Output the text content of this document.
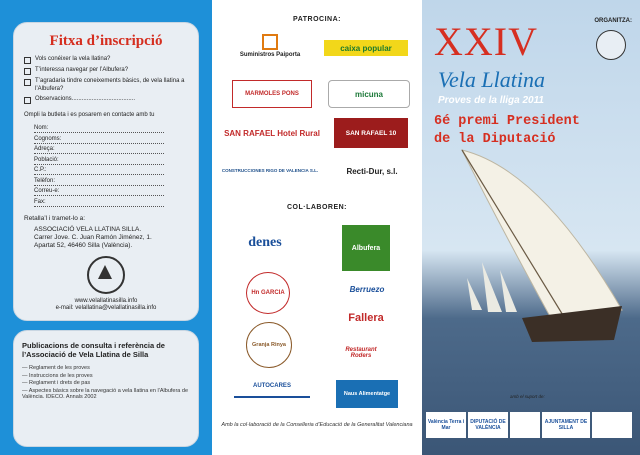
Fitxa d’inscripció
Vols conéixer la vela llatina?
T’interessa navegar per l’Albufera?
T’agradaria tindre coneixements bàsics, de vela llatina a l’Albufera?
Observacions......................................
Ompli la butleta i es posarem en contacte amb tu
Nom:
Cognoms:
Adreça:
Població:
C.P.:
Telèfon:
Correu-e:
Fax:
Retalla’l i tramet-lo a:
ASSOCIACIÓ VELA LLATINA SILLA.
Carrer Jove. C. Juan Ramón Jiménez, 1.
Apartat 52, 46460 Silla (València).
www.velallatinasilla.info
e-mail: velallatina@velallatinasilla.info
Publicacions de consulta i referència de l’Associació de Vela Llatina de Silla
— Reglament de les proves
— Instruccions de les proves
— Reglament i drets de pas
— Aspectes bàsics sobre la navegació a vela llatina en l’Albufera de València. IDECO. Annals 2002
PATROCINA:
Suministros Paiporta
caixa popular
MARMOLES PONS	micuna
SAN RAFAEL Hotel Rural	SAN RAFAEL 10
CONSTRUCCIONES RIGO DE VALENCIA S.L.	Recti-Dur, s.l.
COL·LABOREN:
denes	Albufera
Hn GARCIA	Berruezo
Granja Rinya
Fallera
AUTOCARES
Restaurant Roders
Naus Alimentatge
Amb la col·laboració de la Conselleria d’Educació de la Generalitat Valenciana
ORGANITZA:
XXIV
Vela Llatina
Proves de la lliga 2011
6é premi President
de la Diputació
amb el suport de:
València Terra i Mar
DIPUTACIÓ DE VALÈNCIA
AJUNTAMENT DE SILLA
